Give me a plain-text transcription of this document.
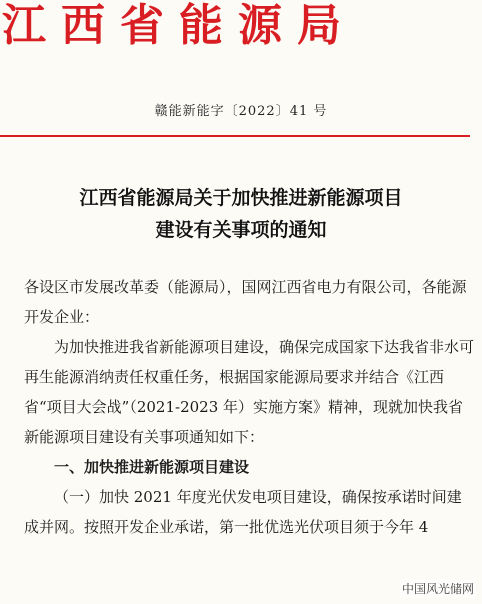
江西省能源局
赣能新能字〔2022〕41 号
江西省能源局关于加快推进新能源项目
建设有关事项的通知

各设区市发展改革委（能源局），国网江西省电力有限公司，各能源开发企业：

为加快推进我省新能源项目建设，确保完成国家下达我省非水可再生能源消纳责任权重任务，根据国家能源局要求并结合《江西省“项目大会战”（2021-2023 年）实施方案》精神，现就加快我省新能源项目建设有关事项通知如下：

一、加快推进新能源项目建设

（一）加快 2021 年度光伏发电项目建设，确保按承诺时间建成并网。按照开发企业承诺，第一批优选光伏项目须于今年 4

中国风光储网
